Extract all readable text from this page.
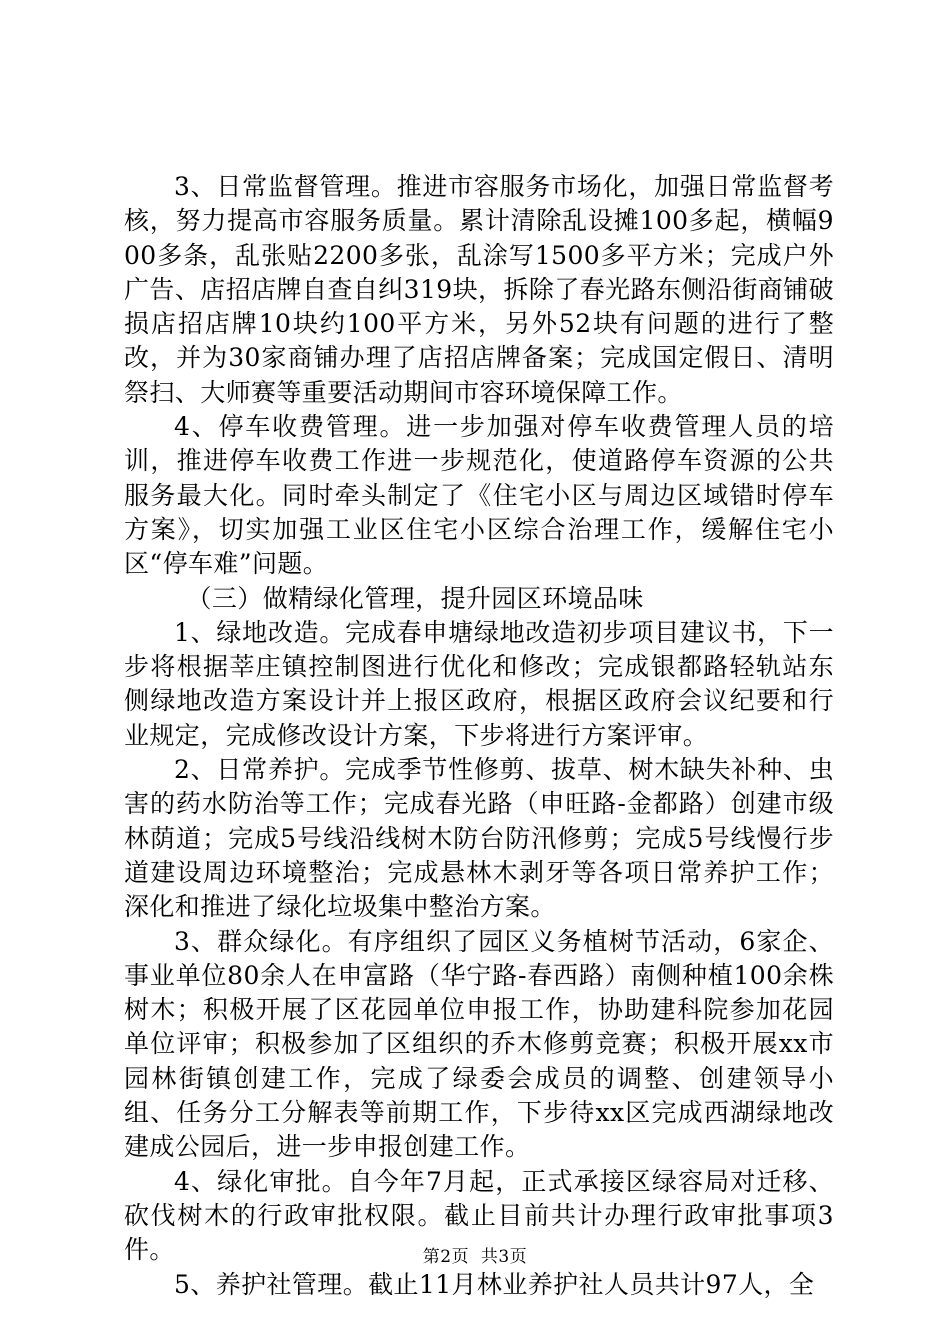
3、日常监督管理。推进市容服务市场化，加强日常监督考核，努力提高市容服务质量。累计清除乱设摊100多起，横幅900多条，乱张贴2200多张，乱涂写1500多平方米；完成户外广告、店招店牌自查自纠319块，拆除了春光路东侧沿街商铺破损店招店牌10块约100平方米，另外52块有问题的进行了整改，并为30家商铺办理了店招店牌备案；完成国定假日、清明祭扫、大师赛等重要活动期间市容环境保障工作。

4、停车收费管理。进一步加强对停车收费管理人员的培训，推进停车收费工作进一步规范化，使道路停车资源的公共服务最大化。同时牵头制定了《住宅小区与周边区域错时停车方案》，切实加强工业区住宅小区综合治理工作，缓解住宅小区“停车难”问题。

（三）做精绿化管理，提升园区环境品味

1、绿地改造。完成春申塘绿地改造初步项目建议书，下一步将根据莘庄镇控制图进行优化和修改；完成银都路轻轨站东侧绿地改造方案设计并上报区政府，根据区政府会议纪要和行业规定，完成修改设计方案，下步将进行方案评审。

2、日常养护。完成季节性修剪、拔草、树木缺失补种、虫害的药水防治等工作；完成春光路（申旺路-金都路）创建市级林荫道；完成5号线沿线树木防台防汛修剪；完成5号线慢行步道建设周边环境整治；完成悬林木剥牙等各项日常养护工作；深化和推进了绿化垃圾集中整治方案。

3、群众绿化。有序组织了园区义务植树节活动，6家企、事业单位80余人在申富路（华宁路-春西路）南侧种植100余株树木；积极开展了区花园单位申报工作，协助建科院参加花园单位评审；积极参加了区组织的乔木修剪竞赛；积极开展xx市园林街镇创建工作，完成了绿委会成员的调整、创建领导小组、任务分工分解表等前期工作，下步待xx区完成西湖绿地改建成公园后，进一步申报创建工作。

4、绿化审批。自今年7月起，正式承接区绿容局对迁移、砍伐树木的行政审批权限。截止目前共计办理行政审批事项3件。

5、养护社管理。截止11月林业养护社人员共计97人，全

第2页  共3页
